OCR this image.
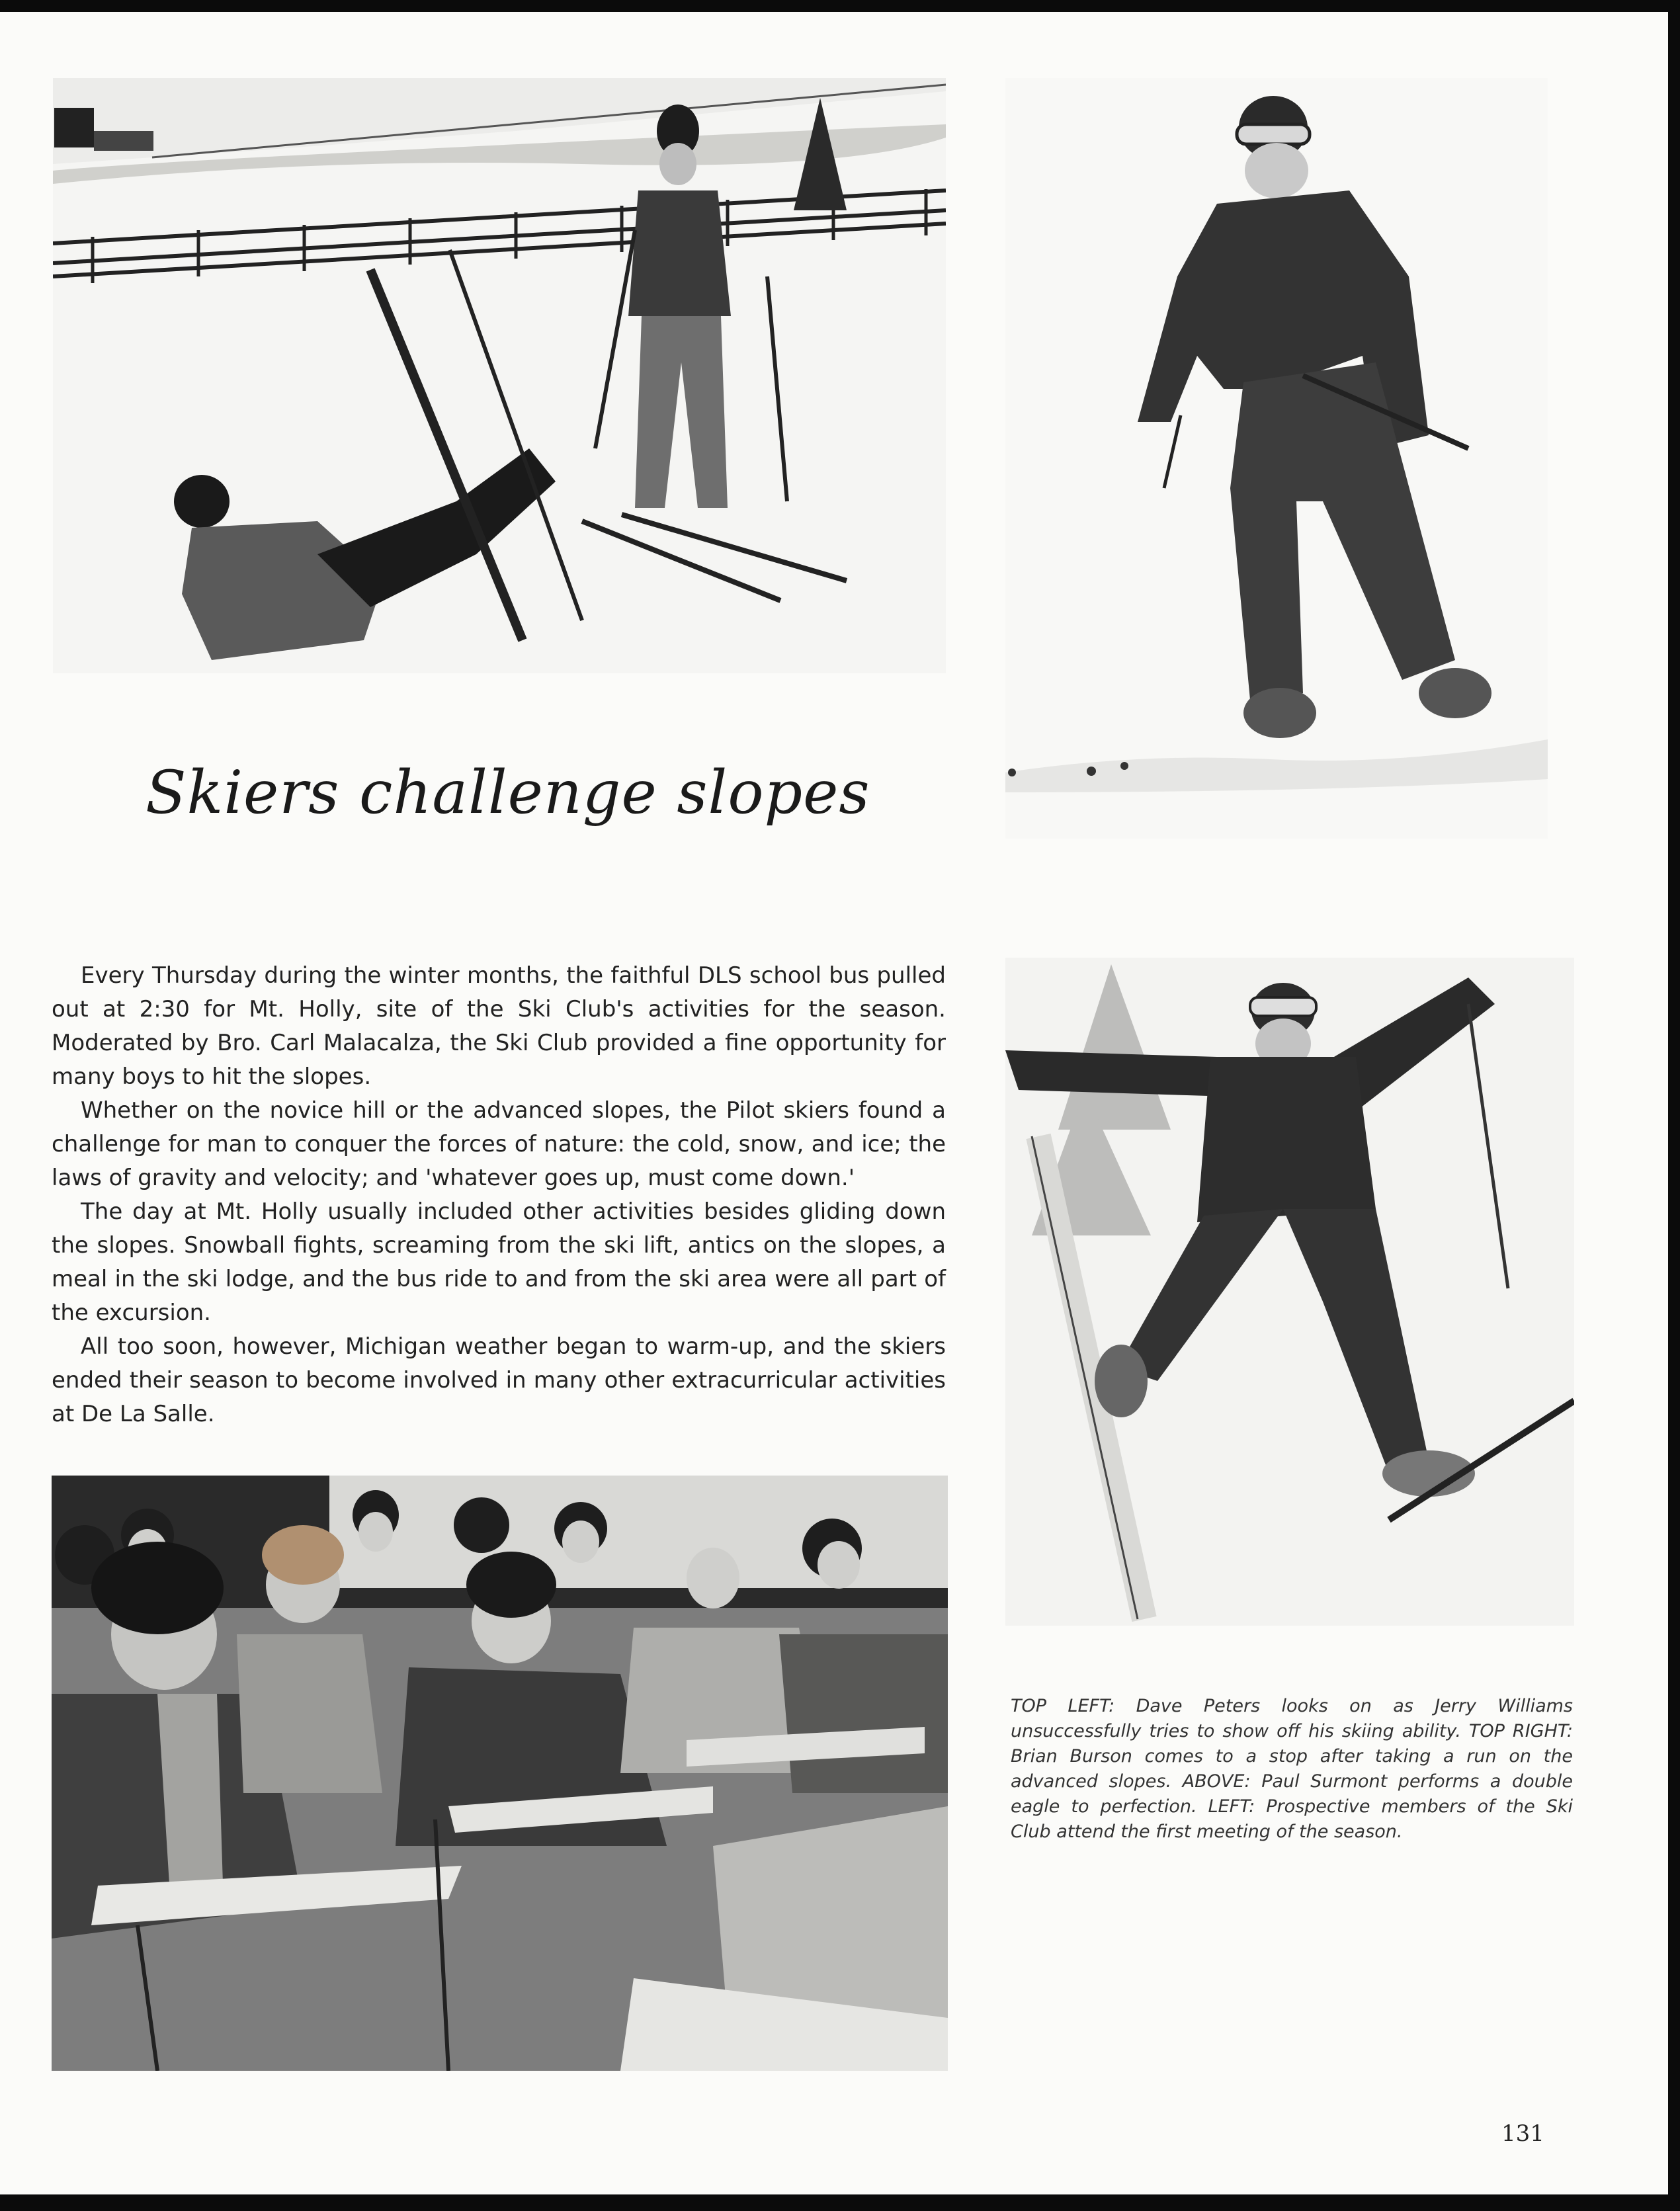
Skiers challenge slopes

Every Thursday during the winter months, the faithful DLS school bus pulled out at 2:30 for Mt. Holly, site of the Ski Club's activities for the season. Moderated by Bro. Carl Malacalza, the Ski Club provided a fine opportunity for many boys to hit the slopes.

Whether on the novice hill or the advanced slopes, the Pilot skiers found a challenge for man to conquer the forces of nature: the cold, snow, and ice; the laws of gravity and velocity; and 'whatever goes up, must come down.'

The day at Mt. Holly usually included other activities besides gliding down the slopes. Snowball fights, screaming from the ski lift, antics on the slopes, a meal in the ski lodge, and the bus ride to and from the ski area were all part of the excursion.

All too soon, however, Michigan weather began to warm-up, and the skiers ended their season to become involved in many other extracurricular activities at De La Salle.

TOP LEFT: Dave Peters looks on as Jerry Williams unsuccessfully tries to show off his skiing ability. TOP RIGHT: Brian Burson comes to a stop after taking a run on the advanced slopes. ABOVE: Paul Surmont performs a double eagle to perfection. LEFT: Prospective members of the Ski Club attend the first meeting of the season.
131
